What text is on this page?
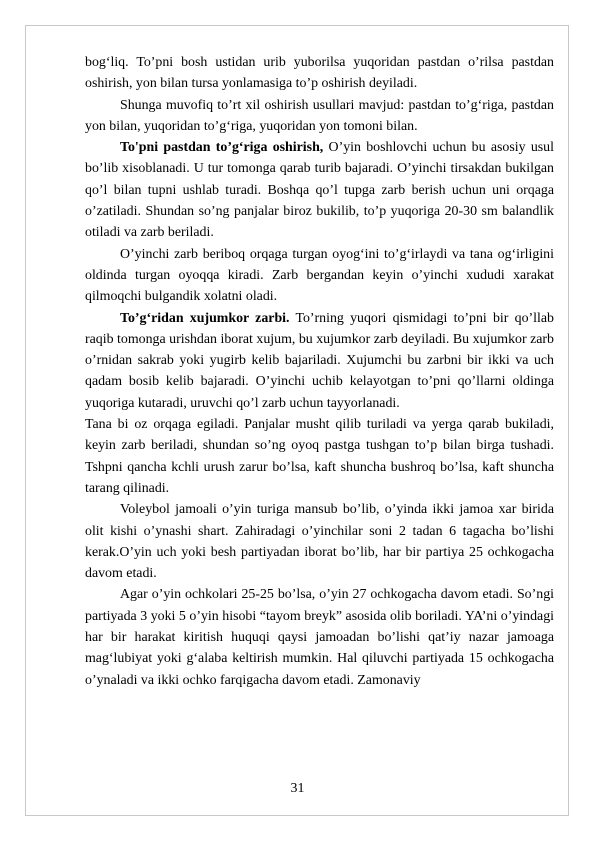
bog‘liq. To’pni bosh ustidan urib yuborilsa yuqoridan pastdan o’rilsa pastdan oshirish, yon bilan tursa yonlamasiga to’p oshirish deyiladi.

Shunga muvofiq to’rt xil oshirish usullari mavjud: pastdan to’g‘riga, pastdan yon bilan, yuqoridan to’g‘riga, yuqoridan yon tomoni bilan.

To'pni pastdan to’g‘riga oshirish, O’yin boshlovchi uchun bu asosiy usul bo’lib xisoblanadi. U tur tomonga qarab turib bajaradi. O’yinchi tirsakdan bukilgan qo’l bilan tupni ushlab turadi. Boshqa qo’l tupga zarb berish uchun uni orqaga o’zatiladi. Shundan so’ng panjalar biroz bukilib, to’p yuqoriga 20-30 sm balandlik otiladi va zarb beriladi.

O’yinchi zarb beriboq orqaga turgan oyog‘ini to’g‘irlaydi va tana og‘irligini oldinda turgan oyoqqa kiradi. Zarb bergandan keyin o’yinchi xududi xarakat qilmoqchi bulgandik xolatni oladi.

To’g‘ridan xujumkor zarbi. To’rning yuqori qismidagi to’pni bir qo’llab raqib tomonga urishdan iborat xujum, bu xujumkor zarb deyiladi. Bu xujumkor zarb o’rnidan sakrab yoki yugirb kelib bajariladi. Xujumchi bu zarbni bir ikki va uch qadam bosib kelib bajaradi. O’yinchi uchib kelayotgan to’pni qo’llarni oldinga yuqoriga kutaradi, uruvchi qo’l zarb uchun tayyorlanadi.

Tana bi oz orqaga egiladi. Panjalar musht qilib turiladi va yerga qarab bukiladi, keyin zarb beriladi, shundan so’ng oyoq pastga tushgan to’p bilan birga tushadi. Tshpni qancha kchli urush zarur bo’lsa, kaft shuncha bushroq bo’lsa, kaft shuncha tarang qilinadi.

Voleybol jamoali o’yin turiga mansub bo’lib, o’yinda ikki jamoa xar birida olit kishi o’ynashi shart. Zahiradagi o’yinchilar soni 2 tadan 6 tagacha bo’lishi kerak.O’yin uch yoki besh partiyadan iborat bo’lib, har bir partiya 25 ochkogacha davom etadi.

Agar o’yin ochkolari 25-25 bo’lsa, o’yin 27 ochkogacha davom etadi. So’ngi partiyada 3 yoki 5 o’yin hisobi “tayom breyk” asosida olib boriladi. YA’ni o’yindagi har bir harakat kiritish huquqi qaysi jamoadan bo’lishi qat’iy nazar jamoaga mag‘lubiyat yoki g‘alaba keltirish mumkin. Hal qiluvchi partiyada 15 ochkogacha o’ynaladi va ikki ochko farqigacha davom etadi. Zamonaviy

31
